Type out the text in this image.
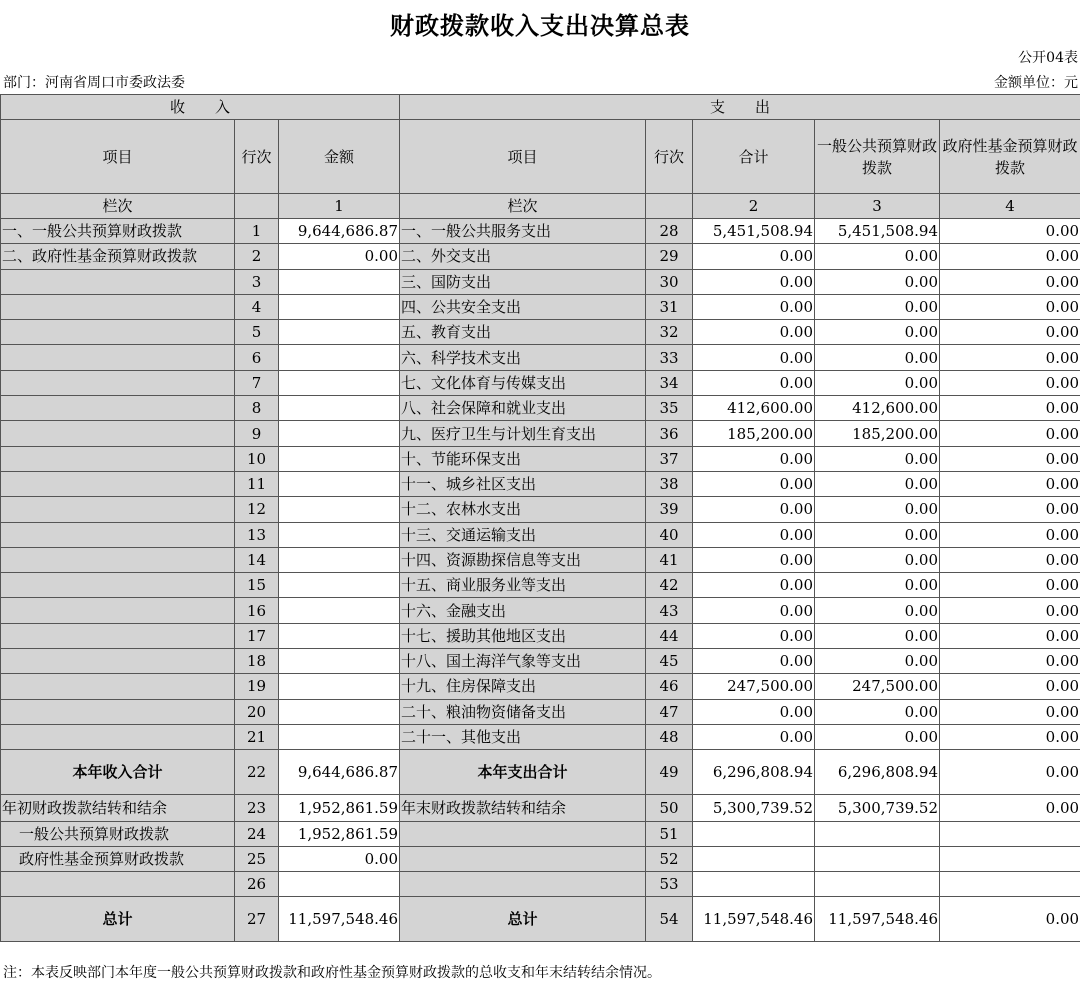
财政拨款收入支出决算总表
公开04表
部门：河南省周口市委政法委	金额单位：元
收　　入			支　　出				
项目	行次	金额	项目	行次	合计	一般公共预算财政拨款	政府性基金预算财政拨款
栏次		1	栏次		2	3	4
一、一般公共预算财政拨款	1	9,644,686.87	一、一般公共服务支出	28	5,451,508.94	5,451,508.94	0.00
二、政府性基金预算财政拨款	2	0.00	二、外交支出	29	0.00	0.00	0.00
	3		三、国防支出	30	0.00	0.00	0.00
	4		四、公共安全支出	31	0.00	0.00	0.00
	5		五、教育支出	32	0.00	0.00	0.00
	6		六、科学技术支出	33	0.00	0.00	0.00
	7		七、文化体育与传媒支出	34	0.00	0.00	0.00
	8		八、社会保障和就业支出	35	412,600.00	412,600.00	0.00
	9		九、医疗卫生与计划生育支出	36	185,200.00	185,200.00	0.00
	10		十、节能环保支出	37	0.00	0.00	0.00
	11		十一、城乡社区支出	38	0.00	0.00	0.00
	12		十二、农林水支出	39	0.00	0.00	0.00
	13		十三、交通运输支出	40	0.00	0.00	0.00
	14		十四、资源勘探信息等支出	41	0.00	0.00	0.00
	15		十五、商业服务业等支出	42	0.00	0.00	0.00
	16		十六、金融支出	43	0.00	0.00	0.00
	17		十七、援助其他地区支出	44	0.00	0.00	0.00
	18		十八、国土海洋气象等支出	45	0.00	0.00	0.00
	19		十九、住房保障支出	46	247,500.00	247,500.00	0.00
	20		二十、粮油物资储备支出	47	0.00	0.00	0.00
	21		二十一、其他支出	48	0.00	0.00	0.00
本年收入合计	22	9,644,686.87	本年支出合计	49	6,296,808.94	6,296,808.94	0.00
年初财政拨款结转和结余	23	1,952,861.59	年末财政拨款结转和结余	50	5,300,739.52	5,300,739.52	0.00
一般公共预算财政拨款	24	1,952,861.59		51			
政府性基金预算财政拨款	25	0.00		52			
	26			53			
总计	27	11,597,548.46	总计	54	11,597,548.46	11,597,548.46	0.00
注：本表反映部门本年度一般公共预算财政拨款和政府性基金预算财政拨款的总收支和年末结转结余情况。
